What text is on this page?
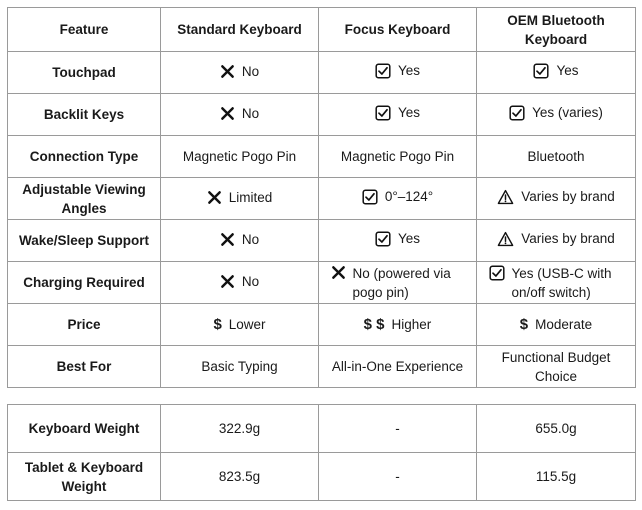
Feature	Standard Keyboard	Focus Keyboard	OEM Bluetooth Keyboard
Touchpad	No	Yes	Yes

Backlit Keys	No	Yes	Yes (varies)

Connection Type	Magnetic Pogo Pin	Magnetic Pogo Pin	Bluetooth

Adjustable Viewing Angles	Limited	0°–124°	Varies by brand

Wake/Sleep Support	No	Yes	Varies by brand

Charging Required	No	No (powered via pogo pin)	Yes (USB-C with on/off switch)

Price	$ Lower	$ $ Higher	$ Moderate

Best For	Basic Typing	All-in-One Experience	Functional Budget Choice
Keyboard Weight	322.9g	-	655.0g
Tablet & Keyboard Weight	823.5g	-	115.5g
